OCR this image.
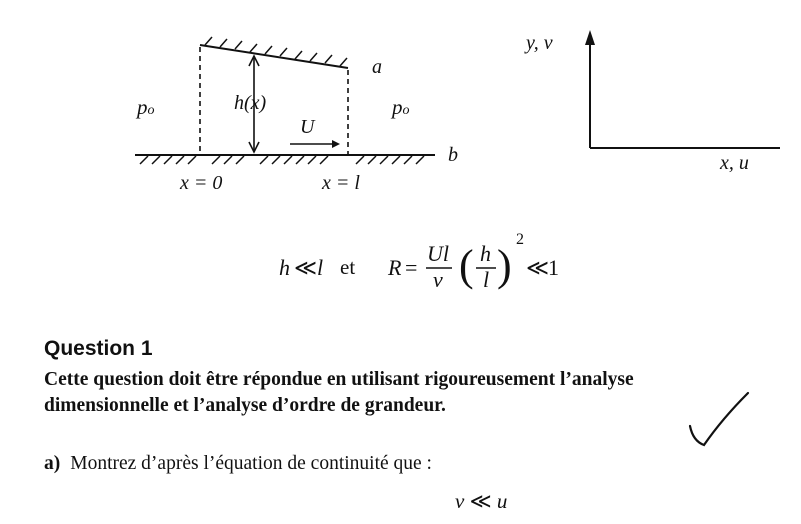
( )
a
b
po	po
h(x)
U
x = 0	x = l
y, v
x, u
h ≪ l et R =
Ul
ν
h
l
2
≪
1
Question 1
Cette question doit être répondue en utilisant rigoureusement l’analyse
dimensionnelle et l’analyse d’ordre de grandeur.
a) Montrez d’après l’équation de continuité que :
v ≪ u
